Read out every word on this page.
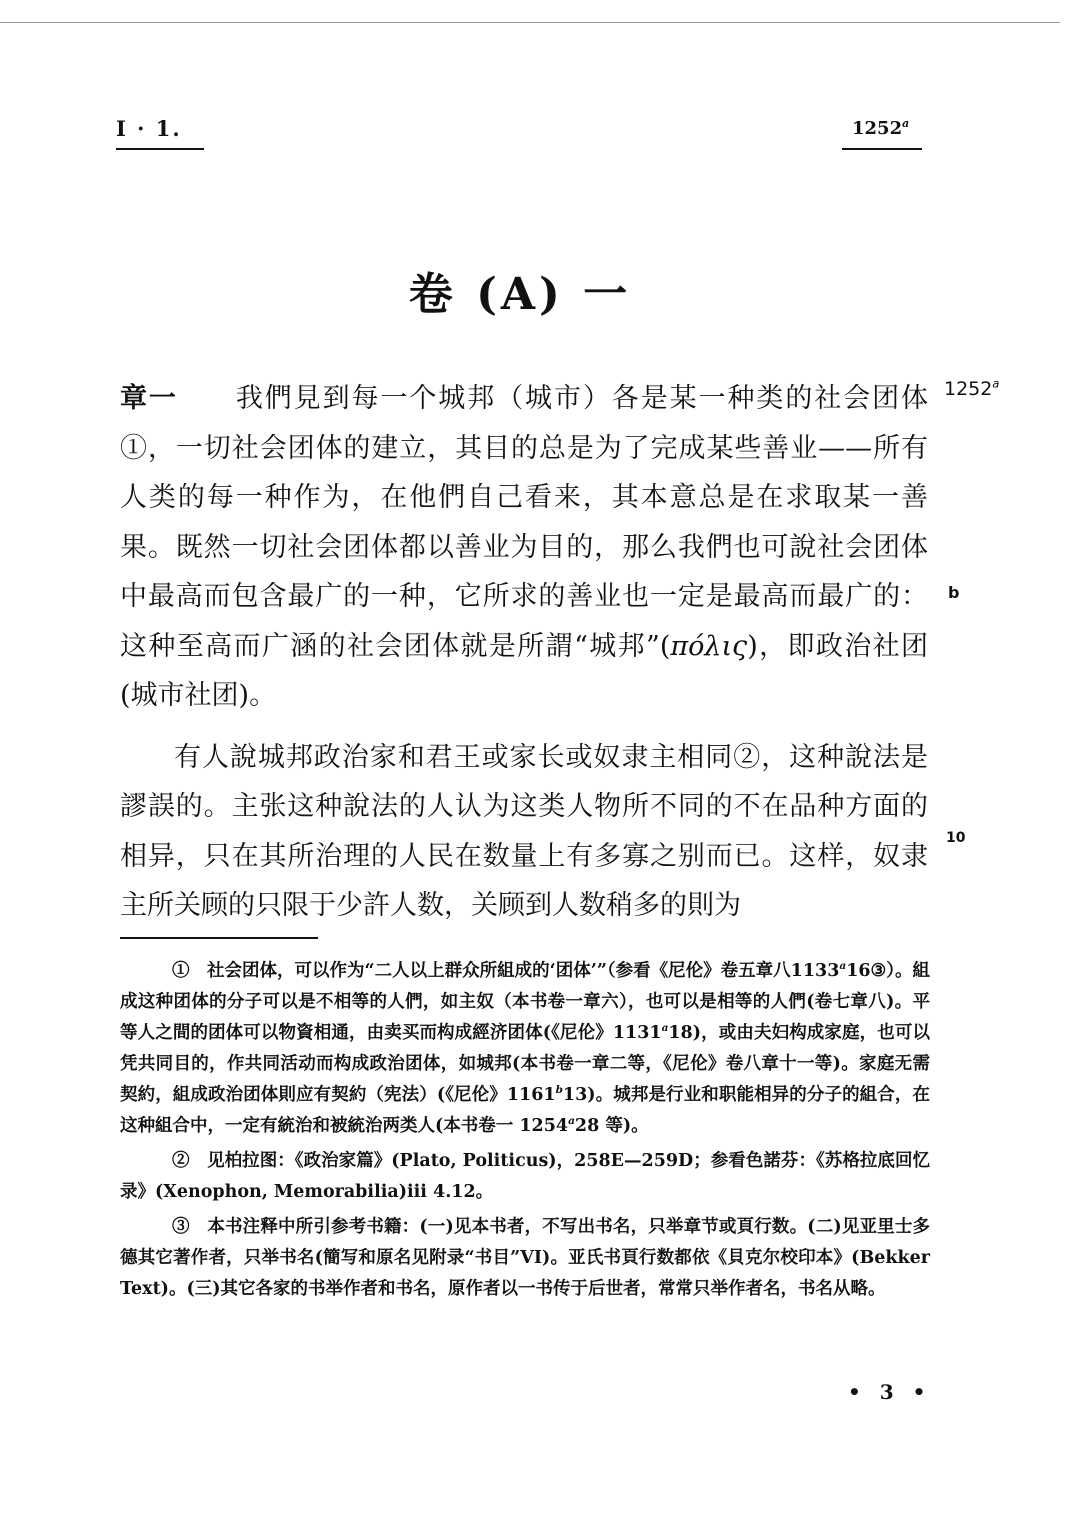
I · 1.	1252$^a$
卷 (A) 一
1252$^a$
b
10

章一 我們見到每一个城邦（城市）各是某一种类的社会团体①，一切社会团体的建立，其目的总是为了完成某些善业——所有人类的每一种作为，在他們自己看来，其本意总是在求取某一善果。既然一切社会团体都以善业为目的，那么我們也可說社会团体中最高而包含最广的一种，它所求的善业也一定是最高而最广的：这种至高而广涵的社会团体就是所謂“城邦”(πόλις)，即政治社团(城市社团)。

有人說城邦政治家和君王或家长或奴隶主相同②，这种說法是謬誤的。主张这种說法的人认为这类人物所不同的不在品种方面的相异，只在其所治理的人民在数量上有多寡之别而已。这样，奴隶主所关顾的只限于少許人数，关顾到人数稍多的則为

①　社会团体，可以作为“二人以上群众所組成的‘团体’”（参看《尼伦》卷五章八1133$^a$16③）。組成这种团体的分子可以是不相等的人們，如主奴（本书卷一章六），也可以是相等的人們(卷七章八)。平等人之間的团体可以物資相通，由卖买而构成經济团体(《尼伦》1131$^a$18)，或由夫妇构成家庭，也可以凭共同目的，作共同活动而构成政治团体，如城邦(本书卷一章二等，《尼伦》卷八章十一等)。家庭无需契約，組成政治团体則应有契約（宪法）(《尼伦》1161$^b$13)。城邦是行业和职能相异的分子的組合，在这种組合中，一定有統治和被統治两类人(本书卷一 1254$^a$28 等)。

②　见柏拉图：《政治家篇》(Plato, Politicus)，258E—259D；参看色諾芬：《苏格拉底回忆录》(Xenophon, Memorabilia)iii 4.12。

③　本书注释中所引参考书籍：(一)见本书者，不写出书名，只举章节或頁行数。(二)见亚里士多德其它著作者，只举书名(簡写和原名见附录“书目”VI)。亚氏书頁行数都依《貝克尔校印本》(Bekker Text)。(三)其它各家的书举作者和书名，原作者以一书传于后世者，常常只举作者名，书名从略。

• 3 •
